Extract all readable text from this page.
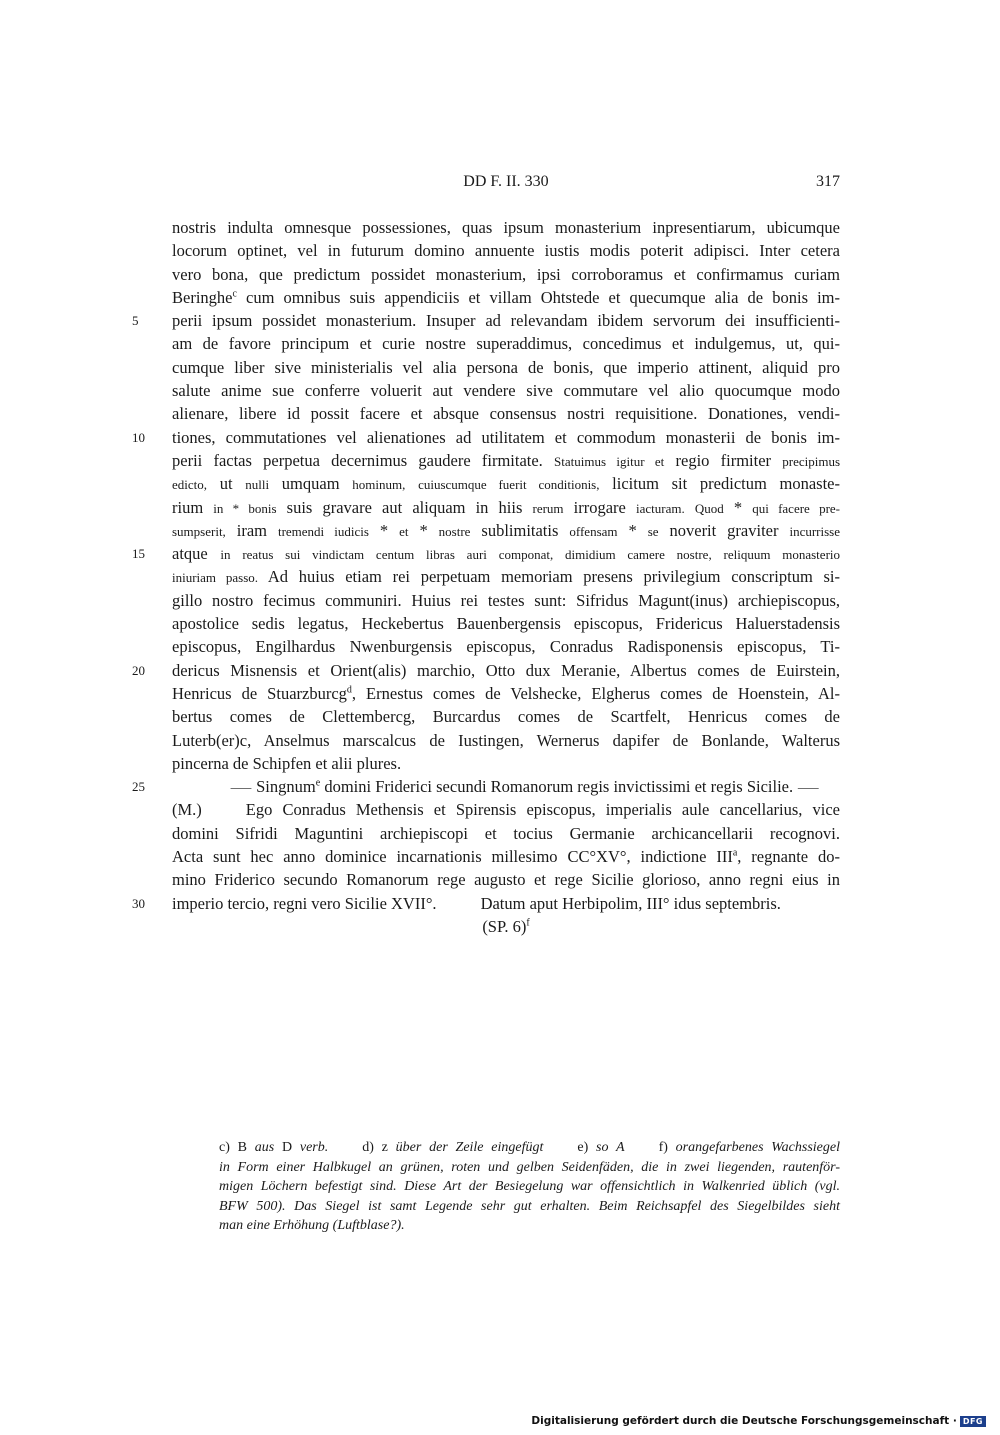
DD F. II. 330	317
nostris indulta omnesque possessiones, quas ipsum monasterium inpresentiarum, ubicumque
locorum optinet, vel in futurum domino annuente iustis modis poterit adipisci. Inter cetera
vero bona, que predictum possidet monasterium, ipsi corroboramus et confirmamus curiam
Beringhe$^c$ cum omnibus suis appendiciis et villam Ohtstede et quecumque alia de bonis im-
5	perii ipsum possidet monasterium. Insuper ad relevandam ibidem servorum dei insufficienti-
am de favore principum et curie nostre superaddimus, concedimus et indulgemus, ut, qui-
cumque liber sive ministerialis vel alia persona de bonis, que imperio attinent, aliquid pro
salute anime sue conferre voluerit aut vendere sive commutare vel alio quocumque modo
alienare, libere id possit facere et absque consensus nostri requisitione. Donationes, vendi-
10	tiones, commutationes vel alienationes ad utilitatem et commodum monasterii de bonis im-
perii factas perpetua decernimus gaudere firmitate. Statuimus igitur et regio firmiter precipimus
edicto, ut nulli umquam hominum, cuiuscumque fuerit conditionis, licitum sit predictum monaste-
rium in * bonis suis gravare aut aliquam in hiis rerum irrogare iacturam. Quod * qui facere pre-
sumpserit, iram tremendi iudicis * et * nostre sublimitatis offensam * se noverit graviter incurrisse
15	atque in reatus sui vindictam centum libras auri componat, dimidium camere nostre, reliquum monasterio
iniuriam passo. Ad huius etiam rei perpetuam memoriam presens privilegium conscriptum si-
gillo nostro fecimus communiri. Huius rei testes sunt: Sifridus Magunt(inus) archiepiscopus,
apostolice sedis legatus, Heckebertus Bauenbergensis episcopus, Fridericus Haluerstadensis
episcopus, Engilhardus Nwenburgensis episcopus, Conradus Radisponensis episcopus, Ti-
20	dericus Misnensis et Orient(alis) marchio, Otto dux Meranie, Albertus comes de Euirstein,
Henricus de Stuarzburcg$^d$, Ernestus comes de Velshecke, Elgherus comes de Hoenstein, Al-
bertus comes de Clettembercg, Burcardus comes de Scartfelt, Henricus comes de
Luterb(er)c, Anselmus marscalcus de Iustingen, Wernerus dapifer de Bonlande, Walterus
pincerna de Schipfen et alii plures.
25	⸺ Singnum$^e$ domini Friderici secundi Romanorum regis invictissimi et regis Sicilie. ⸺
(M.)	Ego Conradus Methensis et Spirensis episcopus, imperialis aule cancellarius, vice
domini Sifridi Maguntini archiepiscopi et tocius Germanie archicancellarii recognovi.
Acta sunt hec anno dominice incarnationis millesimo CC°XV°, indictione III$^a$, regnante do-
mino Friderico secundo Romanorum rege augusto et rege Sicilie glorioso, anno regni eius in
30	imperio tercio, regni vero Sicilie XVII°.	Datum aput Herbipolim, III° idus septembris.
(SP. 6)$^f$
c) B aus D verb. d) z über der Zeile eingefügt e) so A f) orangefarbenes Wachssiegel
in Form einer Halbkugel an grünen, roten und gelben Seidenfäden, die in zwei liegenden, rautenför-
migen Löchern befestigt sind. Diese Art der Besiegelung war offensichtlich in Walkenried üblich (vgl.
BFW 500). Das Siegel ist samt Legende sehr gut erhalten. Beim Reichsapfel des Siegelbildes sieht
man eine Erhöhung (Luftblase?).
Digitalisierung gefördert durch die Deutsche Forschungsgemeinschaft · DFG
